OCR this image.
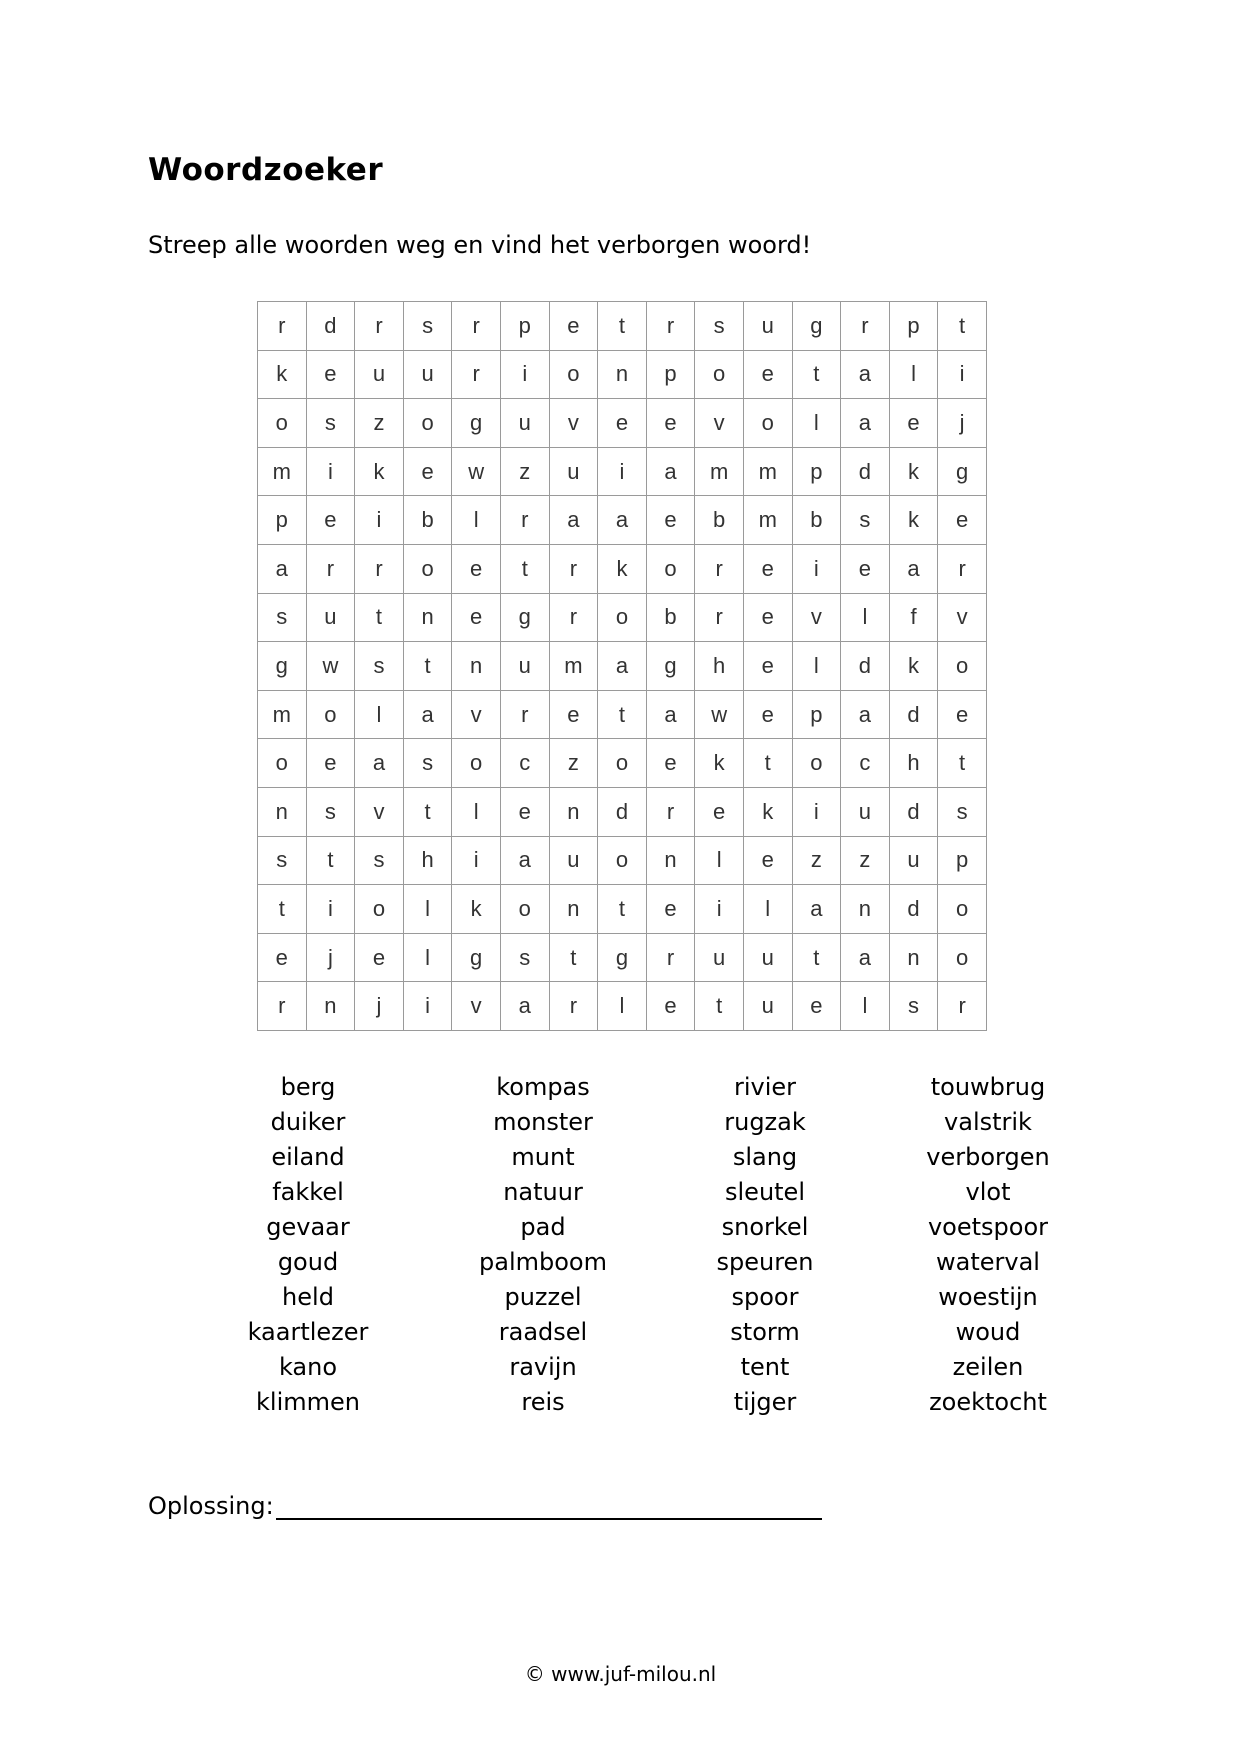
Woordzoeker
Streep alle woorden weg en vind het verborgen woord!
r	d	r	s	r	p	e	t	r	s	u	g	r	p	t
k	e	u	u	r	i	o	n	p	o	e	t	a	l	i
o	s	z	o	g	u	v	e	e	v	o	l	a	e	j
m	i	k	e	w	z	u	i	a	m	m	p	d	k	g
p	e	i	b	l	r	a	a	e	b	m	b	s	k	e
a	r	r	o	e	t	r	k	o	r	e	i	e	a	r
s	u	t	n	e	g	r	o	b	r	e	v	l	f	v
g	w	s	t	n	u	m	a	g	h	e	l	d	k	o
m	o	l	a	v	r	e	t	a	w	e	p	a	d	e
o	e	a	s	o	c	z	o	e	k	t	o	c	h	t
n	s	v	t	l	e	n	d	r	e	k	i	u	d	s
s	t	s	h	i	a	u	o	n	l	e	z	z	u	p
t	i	o	l	k	o	n	t	e	i	l	a	n	d	o
e	j	e	l	g	s	t	g	r	u	u	t	a	n	o
r	n	j	i	v	a	r	l	e	t	u	e	l	s	r
berg
duiker
eiland
fakkel
gevaar
goud
held
kaartlezer
kano
klimmen
kompas
monster
munt
natuur
pad
palmboom
puzzel
raadsel
ravijn
reis
rivier
rugzak
slang
sleutel
snorkel
speuren
spoor
storm
tent
tijger
touwbrug
valstrik
verborgen
vlot
voetspoor
waterval
woestijn
woud
zeilen
zoektocht
Oplossing:
© www.juf-milou.nl
